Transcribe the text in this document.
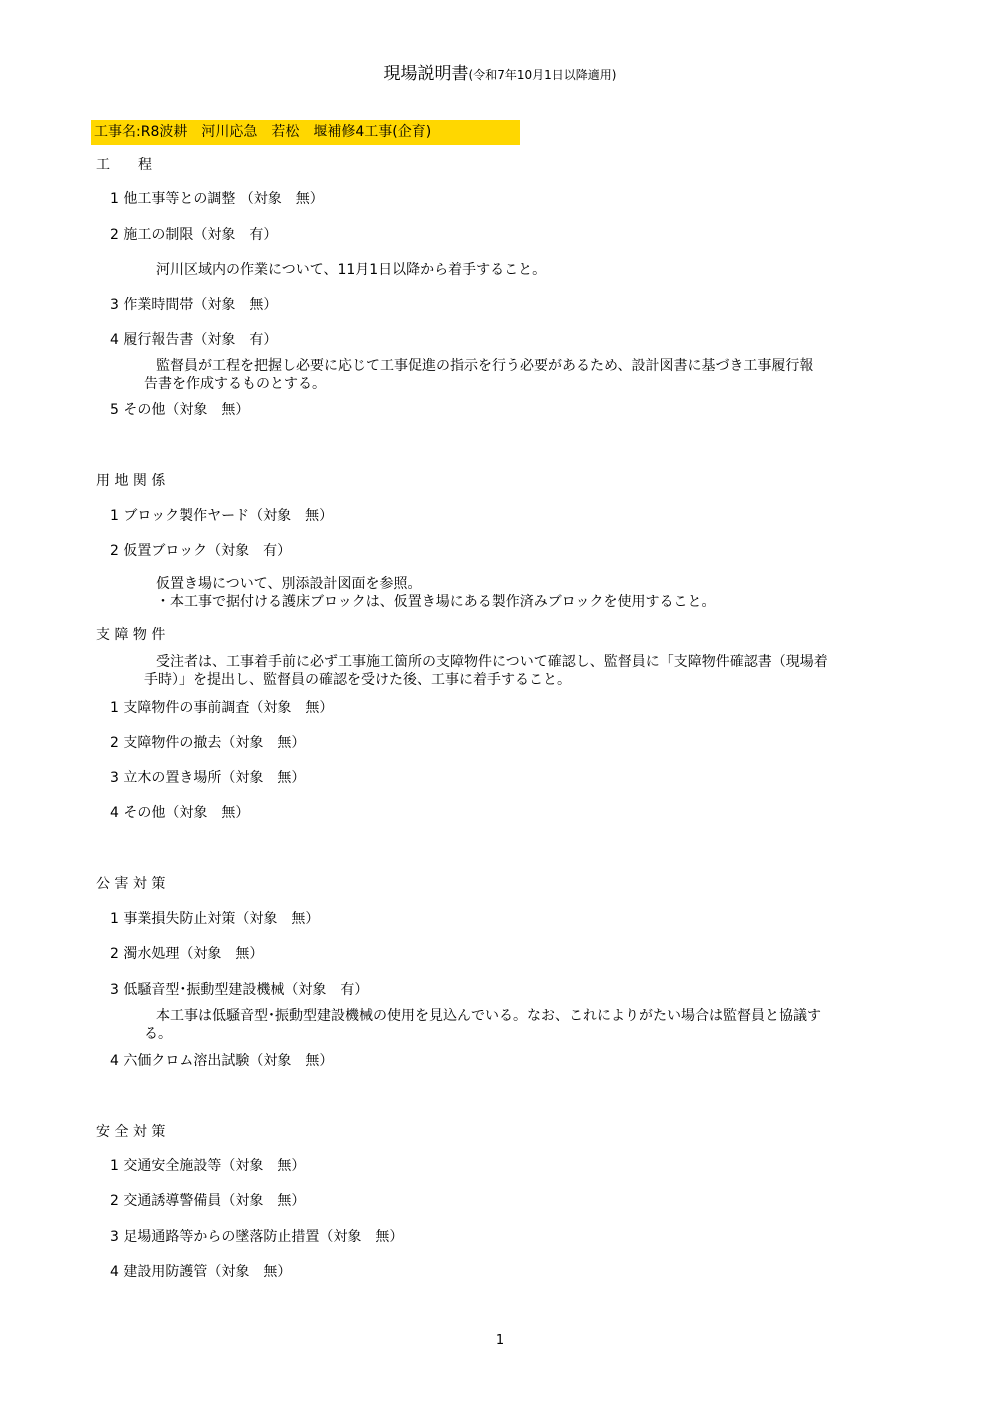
現場説明書(令和7年10月1日以降適用)
工事名:R8波耕　河川応急　若松　堰補修4工事(企育)
工　　程
1 他工事等との調整 （対象　無）
2 施工の制限（対象　有）
河川区域内の作業について、11月1日以降から着手すること。
3 作業時間帯（対象　無）
4 履行報告書（対象　有）
監督員が工程を把握し必要に応じて工事促進の指示を行う必要があるため、設計図書に基づき工事履行報
告書を作成するものとする。
5 その他（対象　無）
用 地 関 係
1 ブロック製作ヤード（対象　無）
2 仮置ブロック（対象　有）
仮置き場について、別添設計図面を参照。
・本工事で据付ける護床ブロックは、仮置き場にある製作済みブロックを使用すること。
支 障 物 件
受注者は、工事着手前に必ず工事施工箇所の支障物件について確認し、監督員に「支障物件確認書（現場着
手時）」を提出し、監督員の確認を受けた後、工事に着手すること。
1 支障物件の事前調査（対象　無）
2 支障物件の撤去（対象　無）
3 立木の置き場所（対象　無）
4 その他（対象　無）
公 害 対 策
1 事業損失防止対策（対象　無）
2 濁水処理（対象　無）
3 低騒音型･振動型建設機械（対象　有）
本工事は低騒音型･振動型建設機械の使用を見込んでいる。なお、これによりがたい場合は監督員と協議す
る。
4 六価クロム溶出試験（対象　無）
安 全 対 策
1 交通安全施設等（対象　無）
2 交通誘導警備員（対象　無）
3 足場通路等からの墜落防止措置（対象　無）
4 建設用防護管（対象　無）
1
